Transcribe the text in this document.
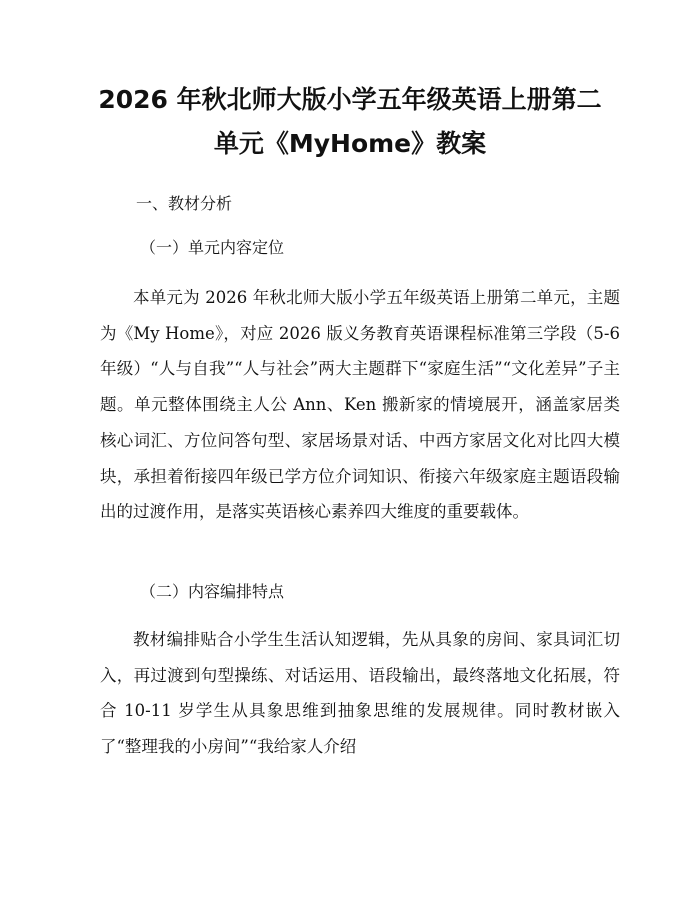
2026 年秋北师大版小学五年级英语上册第二
单元《MyHome》教案
一、教材分析
（一）单元内容定位

本单元为 2026 年秋北师大版小学五年级英语上册第二单元，主题为《My Home》，对应 2026 版义务教育英语课程标准第三学段（5-6 年级）“人与自我”“人与社会”两大主题群下“家庭生活”“文化差异”子主题。单元整体围绕主人公 Ann、Ken 搬新家的情境展开，涵盖家居类核心词汇、方位问答句型、家居场景对话、中西方家居文化对比四大模块，承担着衔接四年级已学方位介词知识、衔接六年级家庭主题语段输出的过渡作用，是落实英语核心素养四大维度的重要载体。

（二）内容编排特点

教材编排贴合小学生生活认知逻辑，先从具象的房间、家具词汇切入，再过渡到句型操练、对话运用、语段输出，最终落地文化拓展，符合 10-11 岁学生从具象思维到抽象思维的发展规律。同时教材嵌入了“整理我的小房间”“我给家人介绍
